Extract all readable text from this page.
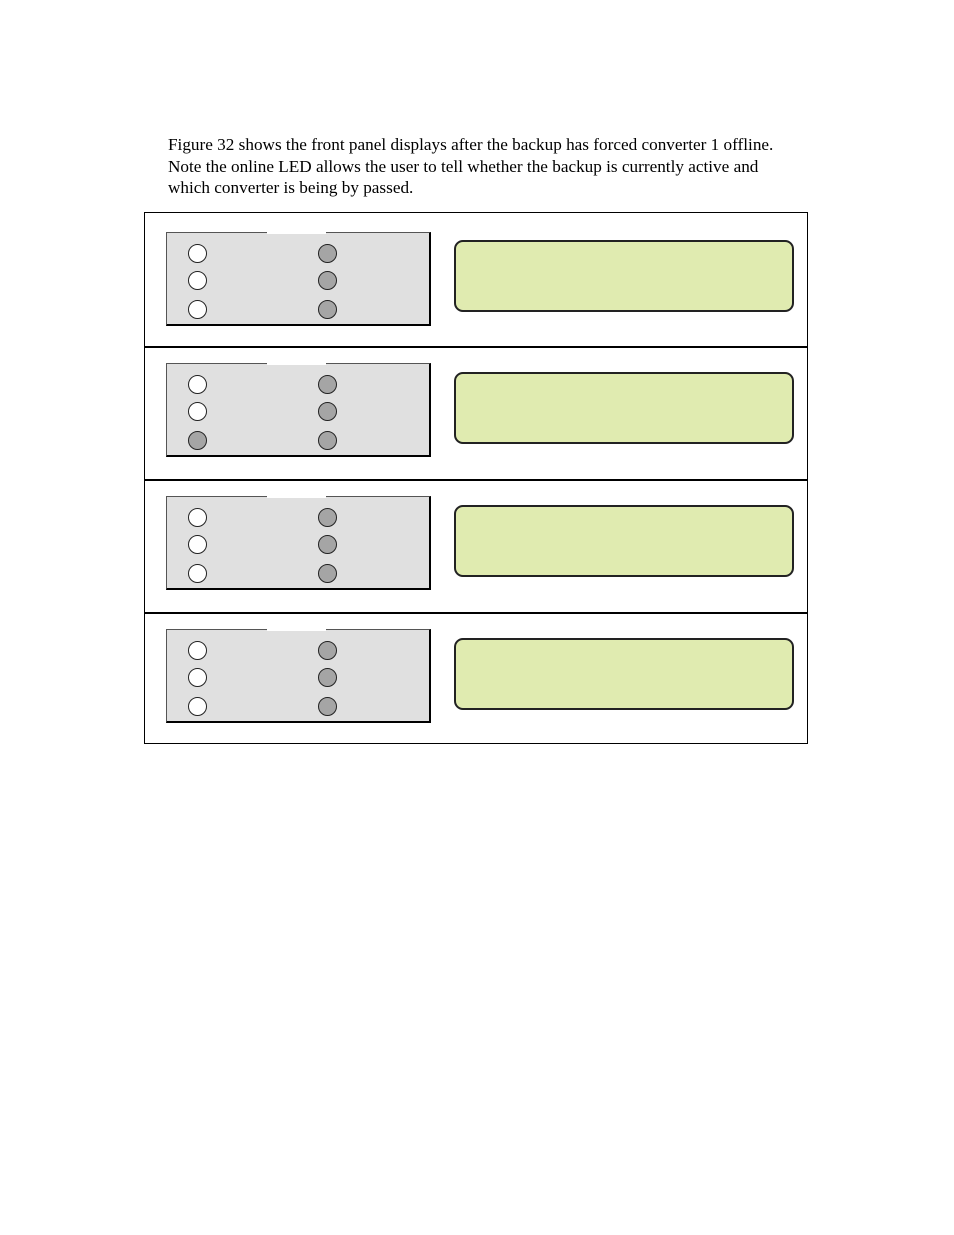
Figure 32 shows the front panel displays after the backup has forced converter 1 offline.

Note the online LED allows the user to tell whether the backup is currently active and

which converter is being by passed.
